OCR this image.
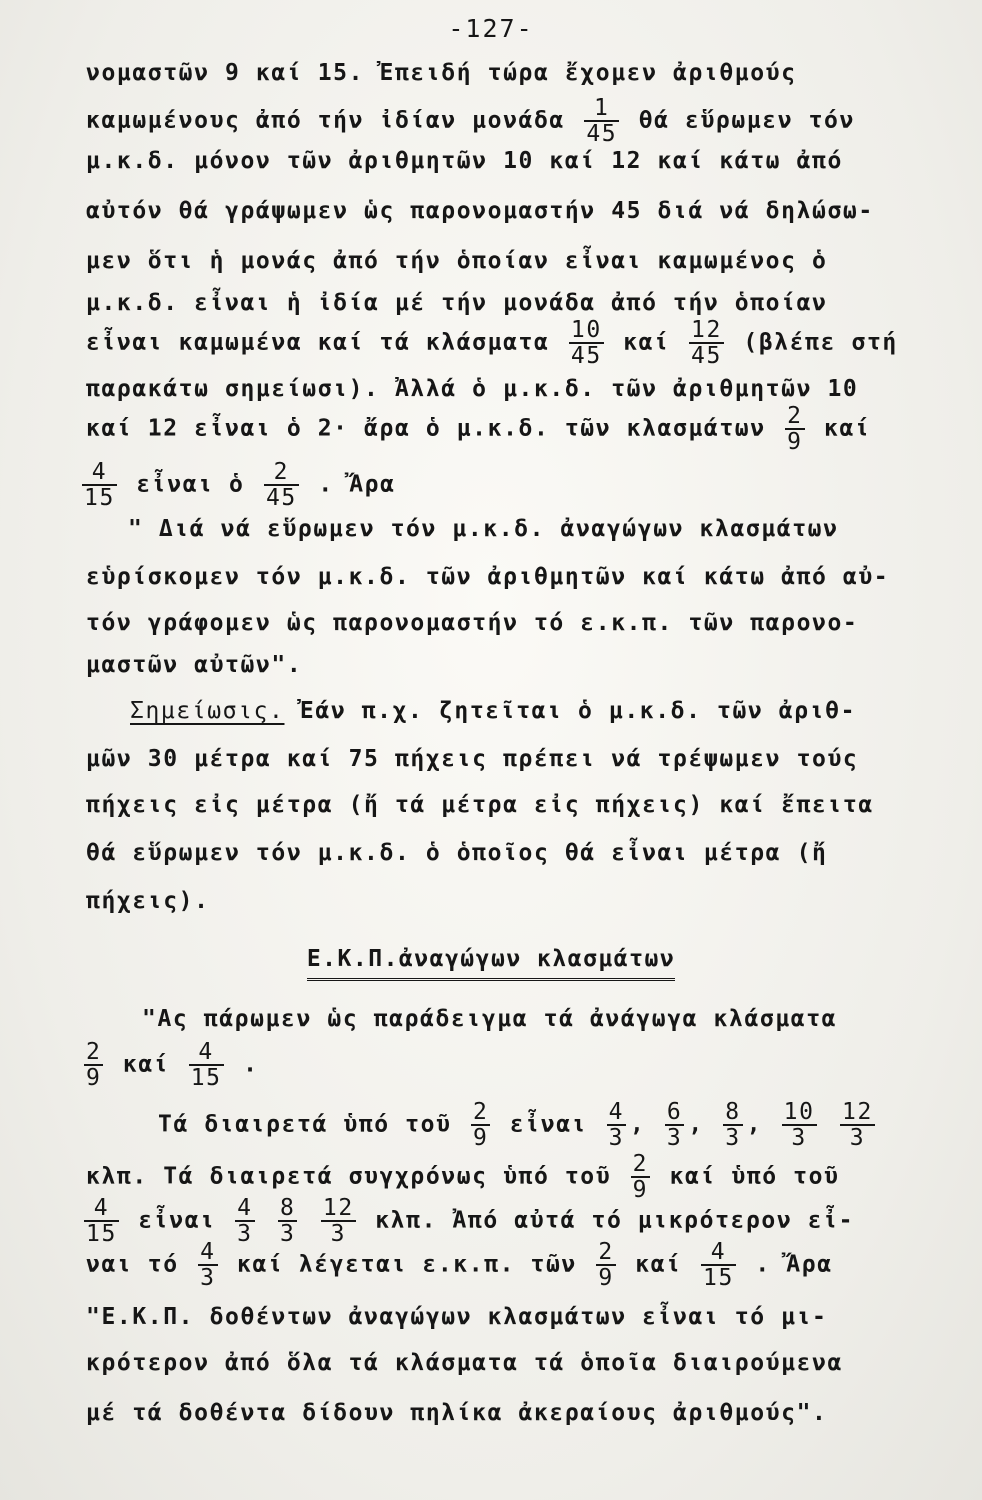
-127-
νομαστῶν 9 καί 15. Ἐπειδή τώρα ἔχομεν ἀριθμούς
καμωμένους ἀπό τήν ἰδίαν μονάδα $\frac{1}{45}$ θά εὕρωμεν τόν
μ.κ.δ. μόνον τῶν ἀριθμητῶν 10 καί 12 καί κάτω ἀπό
αὐτόν θά γράψωμεν ὡς παρονομαστήν 45 διά νά δηλώσω-
μεν ὅτι ἡ μονάς ἀπό τήν ὁποίαν εἶναι καμωμένος ὁ
μ.κ.δ. εἶναι ἡ ἰδία μέ τήν μονάδα ἀπό τήν ὁποίαν
εἶναι καμωμένα καί τά κλάσματα $\frac{10}{45}$ καί $\frac{12}{45} (\beta\lambda έ\pi\varepsilon$ στή
παρακάτω σημείωσι). Ἀλλά ὁ μ.κ.δ. τῶν ἀριθμητῶν 10
καί 12 εἶναι ὁ 2· ἄρα ὁ μ.κ.δ. τῶν κλασμάτων $\frac{2}{9}$ καί
$\frac{4}{15}$ εἶναι ὁ $\frac{2}{45}$ . Ἄρα
" Διά νά εὕρωμεν τόν μ.κ.δ. ἀναγώγων κλασμάτων
εὑρίσκομεν τόν μ.κ.δ. τῶν ἀριθμητῶν καί κάτω ἀπό αὐ-
τόν γράφομεν ὡς παρονομαστήν τό ε.κ.π. τῶν παρονο-
μαστῶν αὐτῶν".
Σημείωσις. Ἐάν π.χ. ζητεῖται ὁ μ.κ.δ. τῶν ἀριθ-
μῶν 30 μέτρα καί 75 πήχεις πρέπει νά τρέψωμεν τούς
πήχεις εἰς μέτρα (ἤ τά μέτρα εἰς πήχεις) καί ἔπειτα
θά εὕρωμεν τόν μ.κ.δ. ὁ ὁποῖος θά εἶναι μέτρα (ἤ
πήχεις).
Ε.Κ.Π.ἀναγώγων κλασμάτων
"Ας πάρωμεν ὡς παράδειγμα τά ἀνάγωγα κλάσματα
$\frac{2}{9}$ καί $\frac{4}{15}$ .
Τά διαιρετά ὑπό τοῦ $\frac{2}{9}$ εἶναι $\frac{4}{3}$ , $\frac{6}{3}$ , $\frac{8}{3}$ , $\frac{10}{3}$
$\frac{12}{3}$
κλπ. Τά διαιρετά συγχρόνως ὑπό τοῦ $\frac{2}{9}$ καί ὑπό τοῦ
$\frac{4}{15}$ εἶναι $\frac{4}{3}$
$\frac{8}{3}$
$\frac{12}{3} \kappa\lambda\pi$. Ἀπό αὐτά τό μικρότερον εἶ-
ναι τό $\frac{4}{3}$ καί λέγεται ε.κ.π. τῶν $\frac{2}{9}$ καί $\frac{4}{15}$ . Ἄρα
"Ε.Κ.Π. δοθέντων ἀναγώγων κλασμάτων εἶναι τό μι-
κρότερον ἀπό ὅλα τά κλάσματα τά ὁποῖα διαιρούμενα
μέ τά δοθέντα δίδουν πηλίκα ἀκεραίους ἀριθμούς".
